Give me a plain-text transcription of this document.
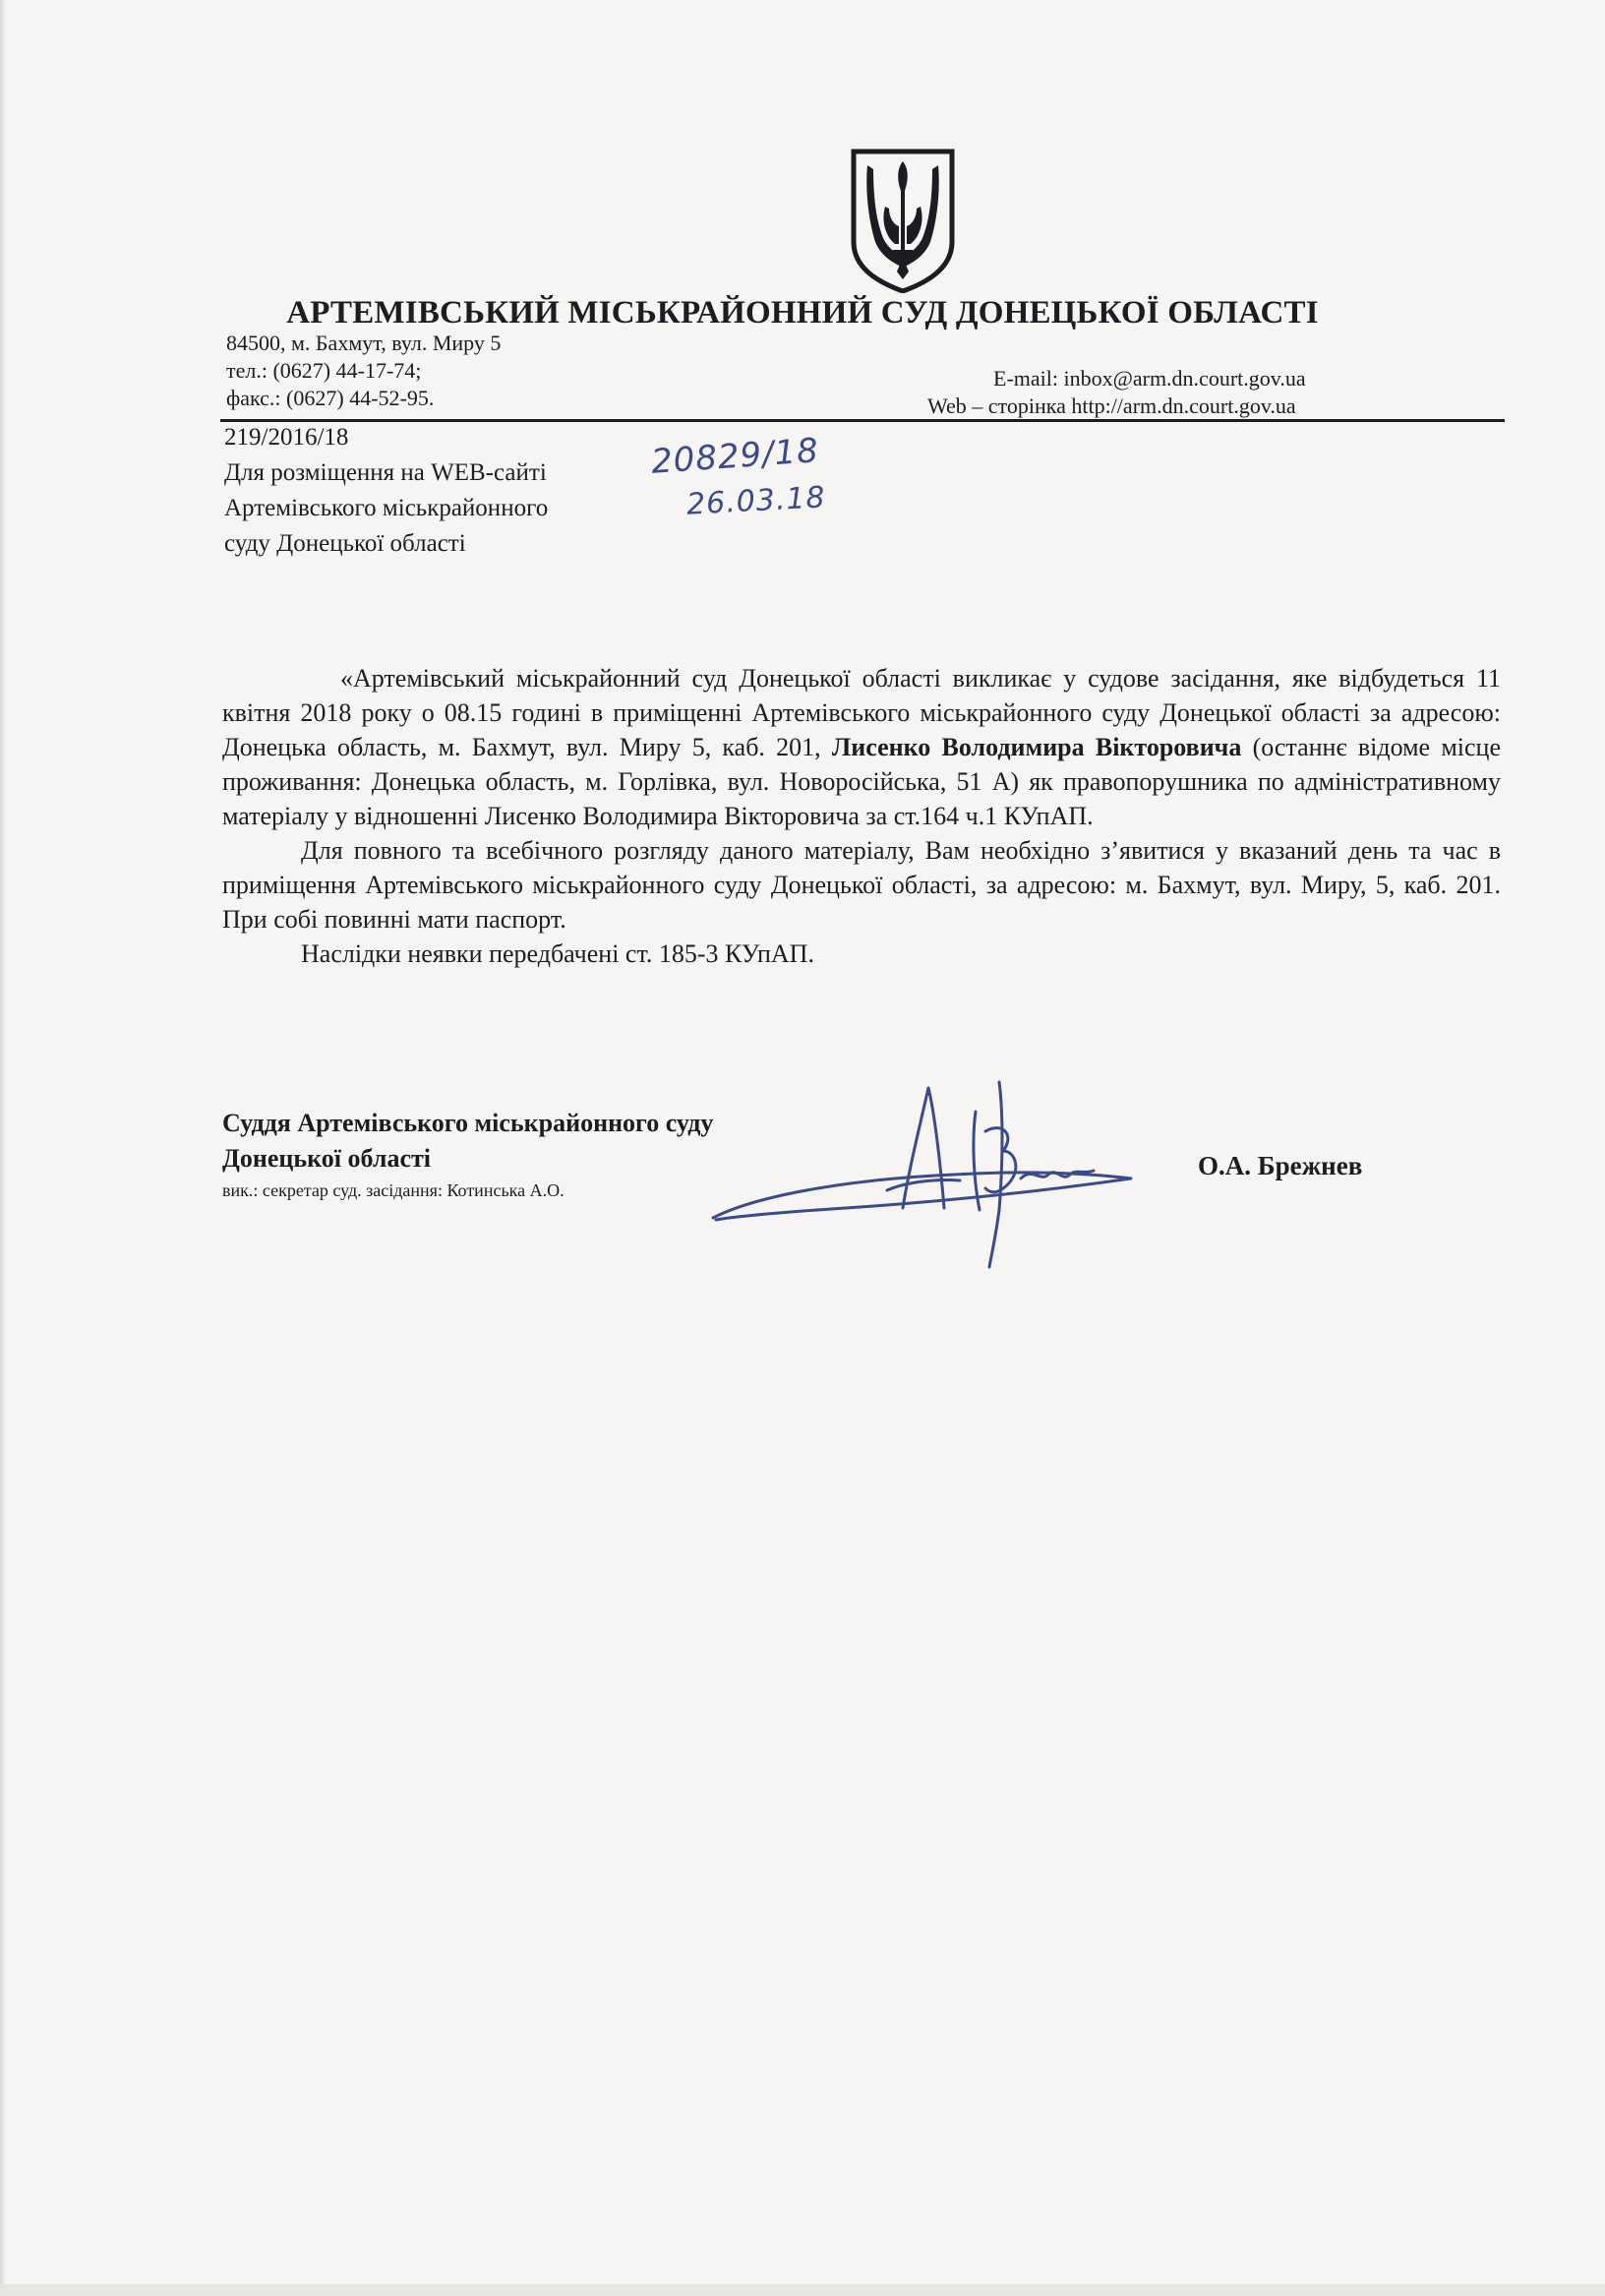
АРТЕМІВСЬКИЙ МІСЬКРАЙОННИЙ СУД ДОНЕЦЬКОЇ ОБЛАСТІ
84500, м. Бахмут, вул. Миру 5
тел.: (0627) 44-17-74;
факс.: (0627) 44-52-95.
E-mail: inbox@arm.dn.court.gov.ua
Web – сторінка http://arm.dn.court.gov.ua
219/2016/18
Для розміщення на WEB-сайті
Артемівського міськрайонного
суду Донецької області
20829/18
26.03.18

«Артемівський міськрайонний суд Донецької області викликає у судове засідання, яке відбудеться 11 квітня 2018 року о 08.15 годині в приміщенні Артемівського міськрайонного суду Донецької області за адресою: Донецька область, м. Бахмут, вул. Миру 5, каб. 201, Лисенко Володимира Вікторовича (останнє відоме місце проживання: Донецька область, м. Горлівка, вул. Новоросійська, 51 А) як правопорушника по адміністративному матеріалу у відношенні Лисенко Володимира Вікторовича за ст.164 ч.1 КУпАП.

Для повного та всебічного розгляду даного матеріалу, Вам необхідно з’явитися у вказаний день та час в приміщення Артемівського міськрайонного суду Донецької області, за адресою: м. Бахмут, вул. Миру, 5, каб. 201. При собі повинні мати паспорт.

Наслідки неявки передбачені ст. 185-3 КУпАП.

Суддя Артемівського міськрайонного суду
Донецької області
вик.: секретар суд. засідання: Котинська А.О.
О.А. Брежнев
